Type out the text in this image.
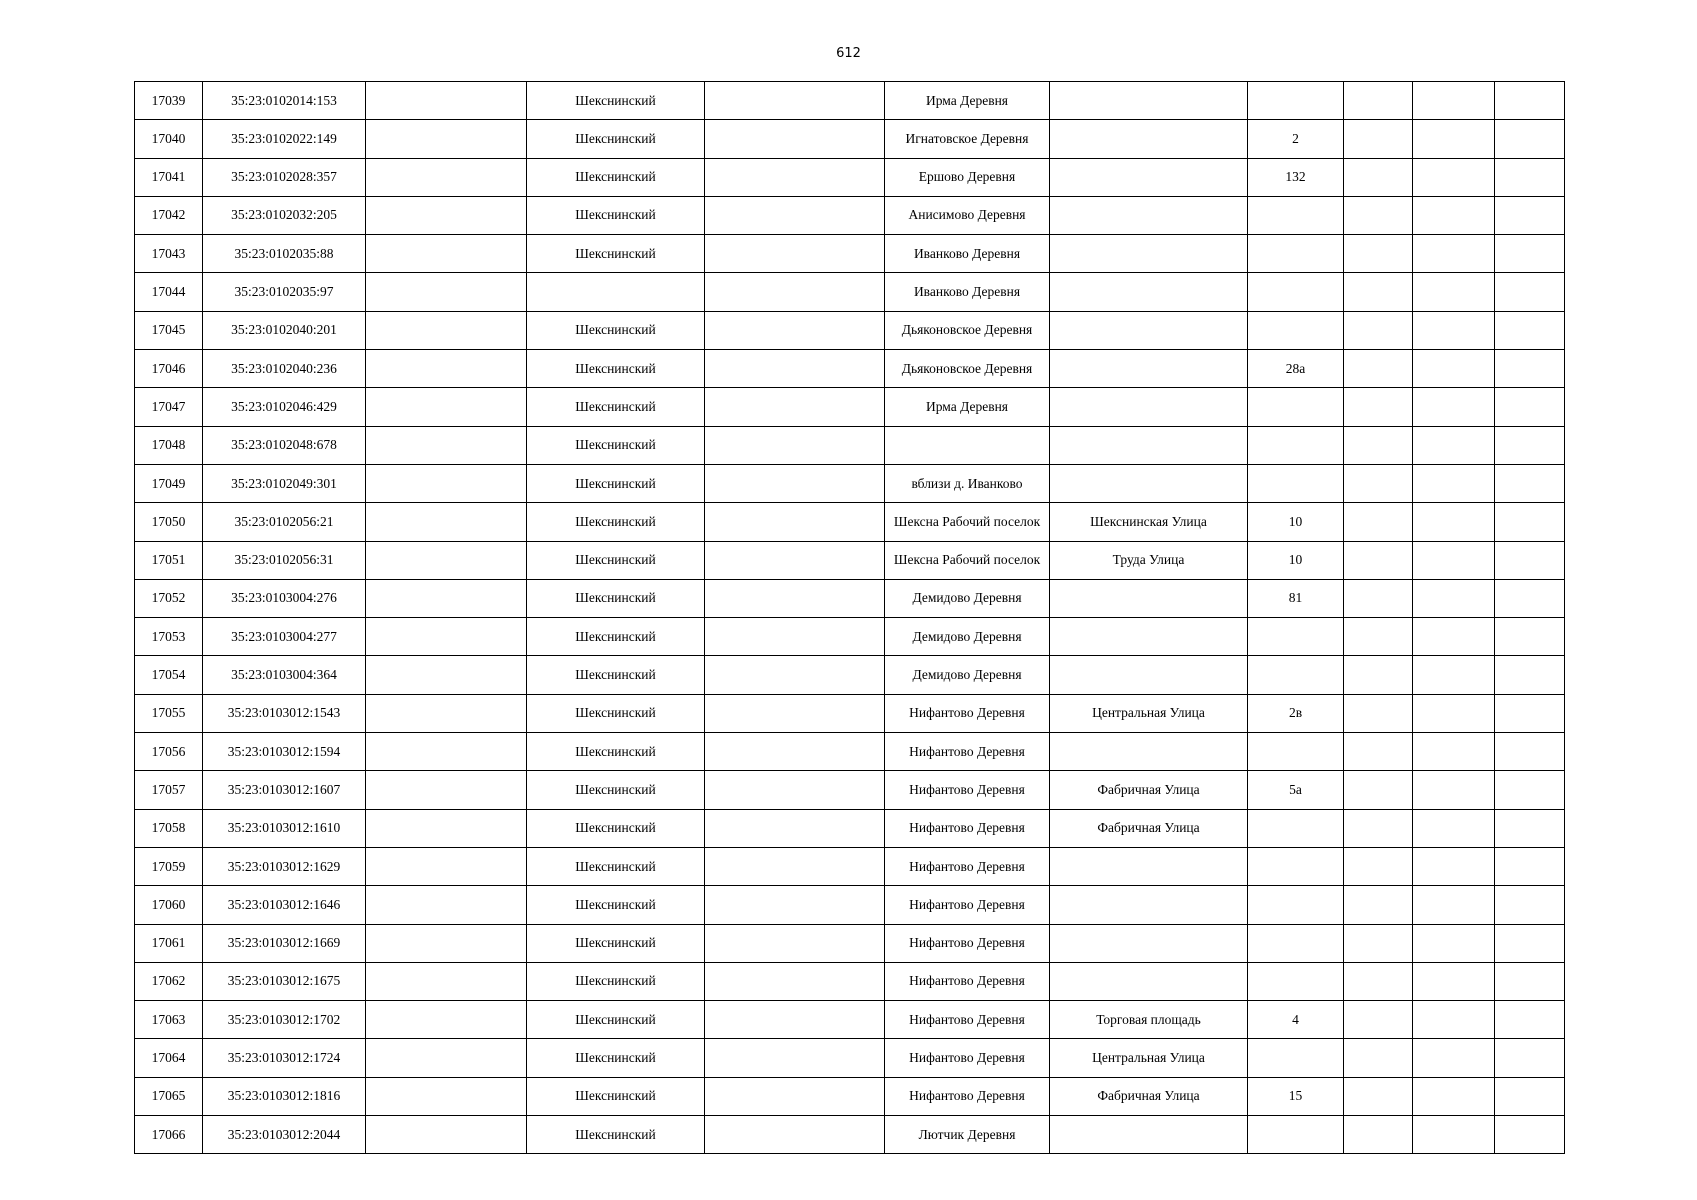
612
17039	35:23:0102014:153		Шекснинский		Ирма Деревня					
17040	35:23:0102022:149		Шекснинский		Игнатовское Деревня		2			
17041	35:23:0102028:357		Шекснинский		Ершово Деревня		132			
17042	35:23:0102032:205		Шекснинский		Анисимово Деревня					
17043	35:23:0102035:88		Шекснинский		Иванково Деревня					
17044	35:23:0102035:97				Иванково Деревня					
17045	35:23:0102040:201		Шекснинский		Дьяконовское Деревня					
17046	35:23:0102040:236		Шекснинский		Дьяконовское Деревня		28а			
17047	35:23:0102046:429		Шекснинский		Ирма Деревня					
17048	35:23:0102048:678		Шекснинский							
17049	35:23:0102049:301		Шекснинский		вблизи д. Иванково					
17050	35:23:0102056:21		Шекснинский		Шексна Рабочий поселок	Шекснинская Улица	10			
17051	35:23:0102056:31		Шекснинский		Шексна Рабочий поселок	Труда Улица	10			
17052	35:23:0103004:276		Шекснинский		Демидово Деревня		81			
17053	35:23:0103004:277		Шекснинский		Демидово Деревня					
17054	35:23:0103004:364		Шекснинский		Демидово Деревня					
17055	35:23:0103012:1543		Шекснинский		Нифантово Деревня	Центральная Улица	2в			
17056	35:23:0103012:1594		Шекснинский		Нифантово Деревня					
17057	35:23:0103012:1607		Шекснинский		Нифантово Деревня	Фабричная Улица	5а			
17058	35:23:0103012:1610		Шекснинский		Нифантово Деревня	Фабричная Улица				
17059	35:23:0103012:1629		Шекснинский		Нифантово Деревня					
17060	35:23:0103012:1646		Шекснинский		Нифантово Деревня					
17061	35:23:0103012:1669		Шекснинский		Нифантово Деревня					
17062	35:23:0103012:1675		Шекснинский		Нифантово Деревня					
17063	35:23:0103012:1702		Шекснинский		Нифантово Деревня	Торговая площадь	4			
17064	35:23:0103012:1724		Шекснинский		Нифантово Деревня	Центральная Улица				
17065	35:23:0103012:1816		Шекснинский		Нифантово Деревня	Фабричная Улица	15			
17066	35:23:0103012:2044		Шекснинский		Лютчик Деревня					
